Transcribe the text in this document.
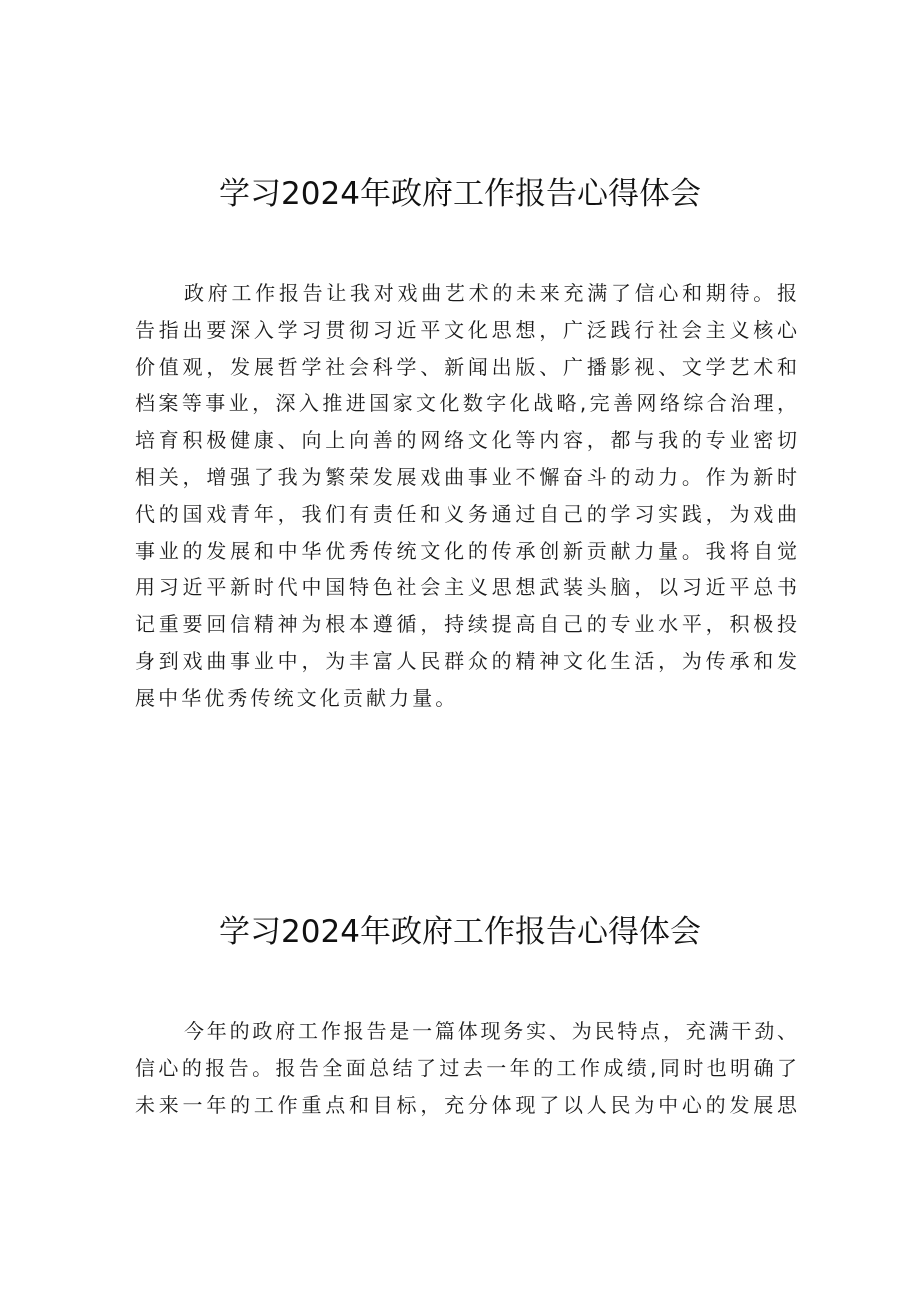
学习2024年政府工作报告心得体会
政府工作报告让我对戏曲艺术的未来充满了信心和期待。报
告指出要深入学习贯彻习近平文化思想，广泛践行社会主义核心
价值观，发展哲学社会科学、新闻出版、广播影视、文学艺术和
档案等事业，深入推进国家文化数字化战略,完善网络综合治理，
培育积极健康、向上向善的网络文化等内容，都与我的专业密切
相关，增强了我为繁荣发展戏曲事业不懈奋斗的动力。作为新时
代的国戏青年，我们有责任和义务通过自己的学习实践，为戏曲
事业的发展和中华优秀传统文化的传承创新贡献力量。我将自觉
用习近平新时代中国特色社会主义思想武装头脑，以习近平总书
记重要回信精神为根本遵循，持续提高自己的专业水平，积极投
身到戏曲事业中，为丰富人民群众的精神文化生活，为传承和发
展中华优秀传统文化贡献力量。
学习2024年政府工作报告心得体会
今年的政府工作报告是一篇体现务实、为民特点，充满干劲、
信心的报告。报告全面总结了过去一年的工作成绩,同时也明确了
未来一年的工作重点和目标，充分体现了以人民为中心的发展思
